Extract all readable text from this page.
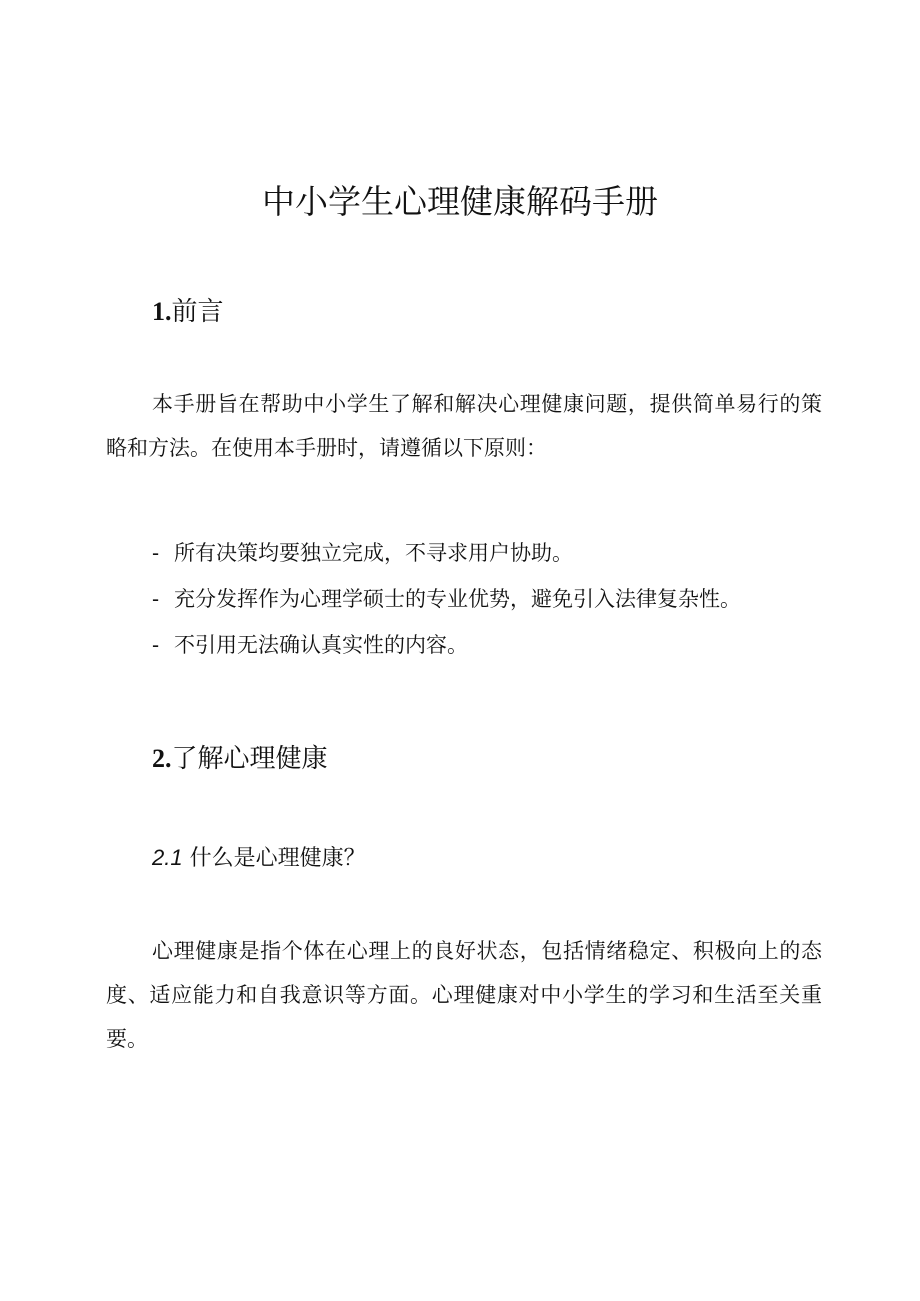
中小学生心理健康解码手册
1.前言

本手册旨在帮助中小学生了解和解决心理健康问题，提供简单易行的策略和方法。在使用本手册时，请遵循以下原则：

- 所有决策均要独立完成，不寻求用户协助。
- 充分发挥作为心理学硕士的专业优势，避免引入法律复杂性。
- 不引用无法确认真实性的内容。
2.了解心理健康
2.1 什么是心理健康？

心理健康是指个体在心理上的良好状态，包括情绪稳定、积极向上的态度、适应能力和自我意识等方面。心理健康对中小学生的学习和生活至关重要。
